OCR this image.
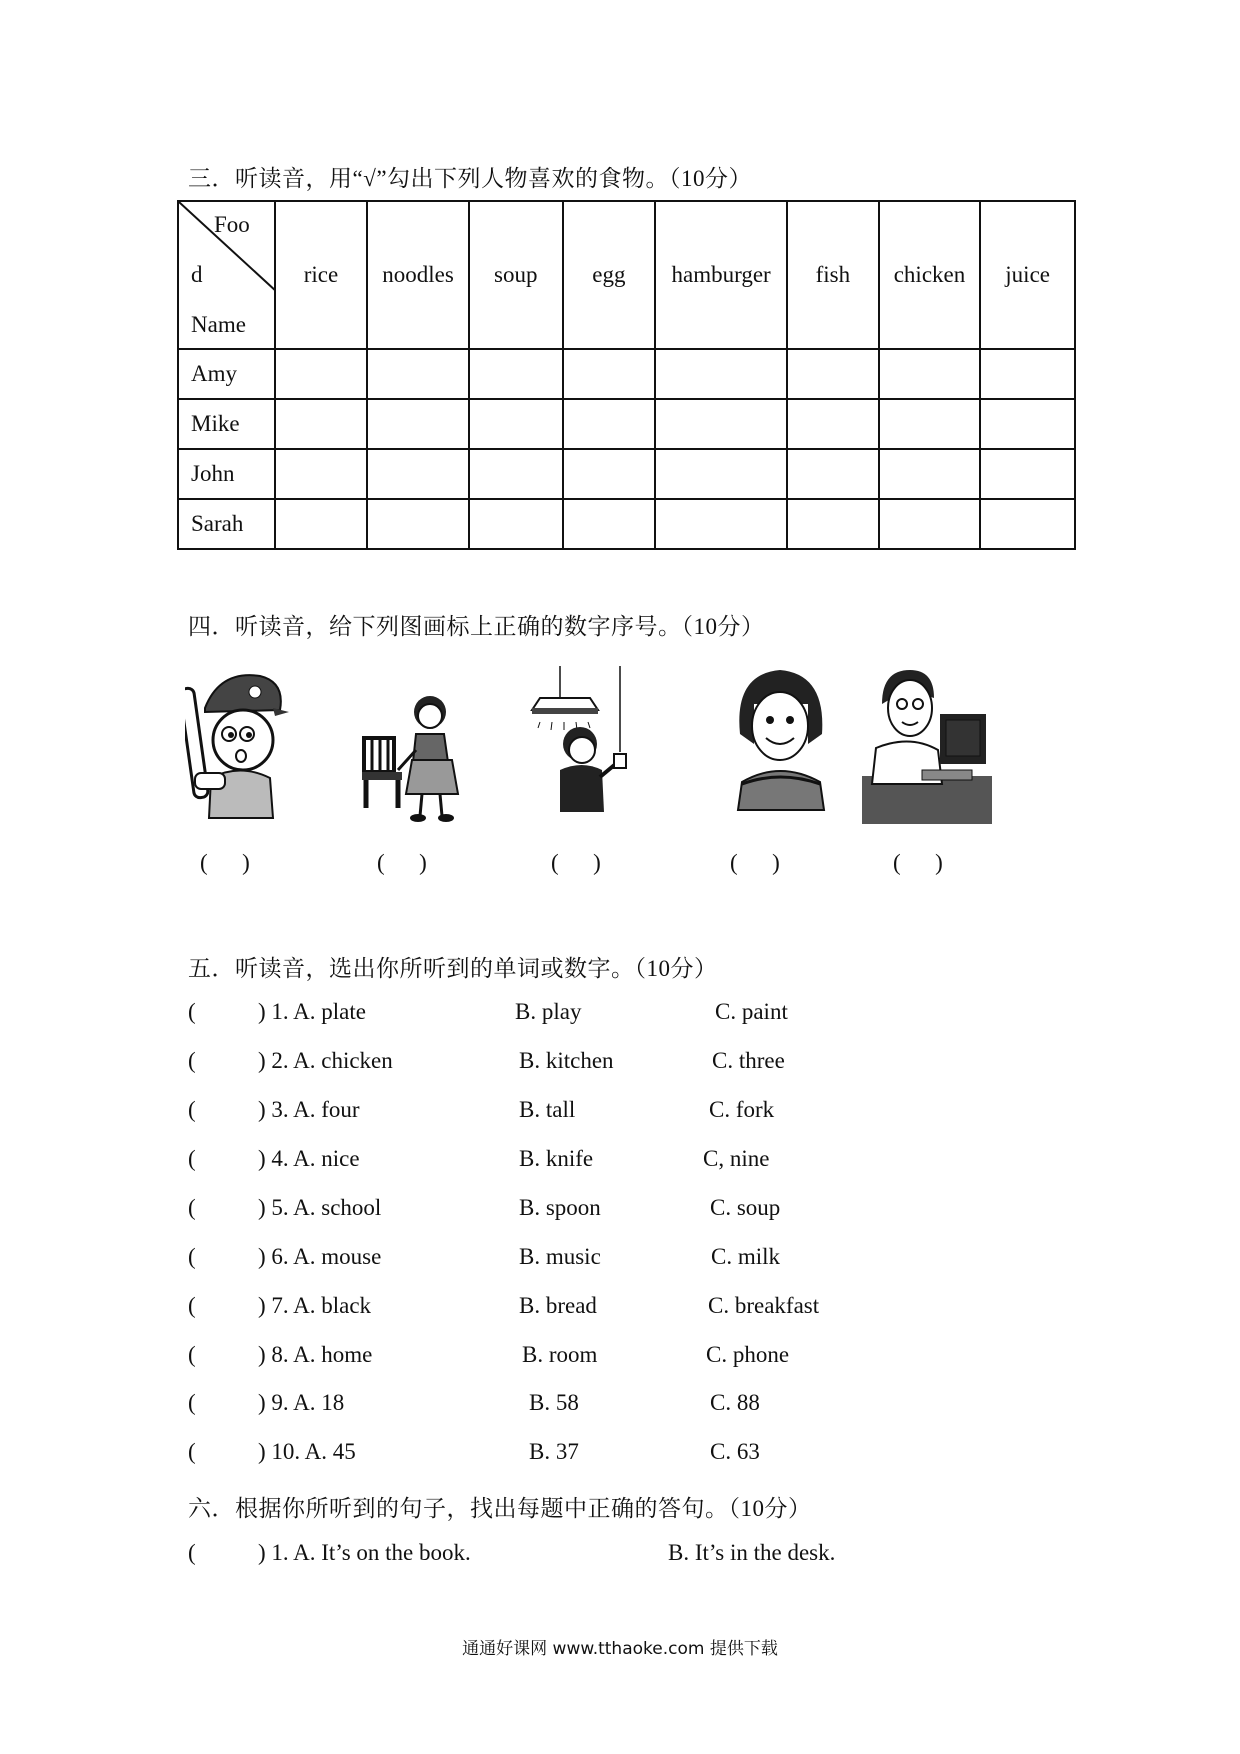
三．听读音，用“√”勾出下列人物喜欢的食物。（10分）
Foo
d
Name	rice	noodles	soup	egg	hamburger	fish	chicken	juice
Amy								
Mike								
John								
Sarah								
四．听读音，给下列图画标上正确的数字序号。（10分）
(      )	(      )	(      )	(      )	(      )
五．听读音，选出你所听到的单词或数字。（10分）
(	) 1. A. plate	B. play	C. paint
(	) 2. A. chicken	B. kitchen	C. three
(	) 3. A. four	B. tall	C. fork
(	) 4. A. nice	B. knife	C, nine
(	) 5. A. school	B. spoon	C. soup
(	) 6. A. mouse	B. music	C. milk
(	) 7. A. black	B. bread	C. breakfast
(	) 8. A. home	B. room	C. phone
(	) 9. A. 18	B. 58	C. 88
(	) 10. A. 45	B. 37	C. 63
六．根据你所听到的句子，找出每题中正确的答句。（10分）
(	) 1. A. It’s on the book.	B. It’s in the desk.
通通好课网 www.tthaoke.com 提供下载
